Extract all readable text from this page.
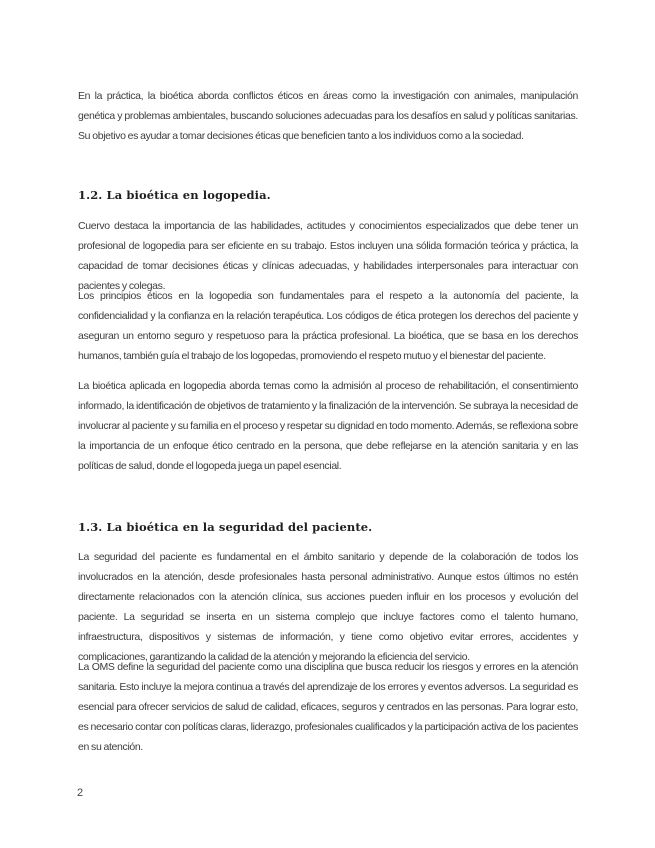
En la práctica, la bioética aborda conflictos éticos en áreas como la investigación con animales, manipulación genética y problemas ambientales, buscando soluciones adecuadas para los desafíos en salud y políticas sanitarias. Su objetivo es ayudar a tomar decisiones éticas que beneficien tanto a los individuos como a la sociedad.

1.2. La bioética en logopedia.

Cuervo destaca la importancia de las habilidades, actitudes y conocimientos especializados que debe tener un profesional de logopedia para ser eficiente en su trabajo. Estos incluyen una sólida formación teórica y práctica, la capacidad de tomar decisiones éticas y clínicas adecuadas, y habilidades interpersonales para interactuar con pacientes y colegas.

Los principios éticos en la logopedia son fundamentales para el respeto a la autonomía del paciente, la confidencialidad y la confianza en la relación terapéutica. Los códigos de ética protegen los derechos del paciente y aseguran un entorno seguro y respetuoso para la práctica profesional. La bioética, que se basa en los derechos humanos, también guía el trabajo de los logopedas, promoviendo el respeto mutuo y el bienestar del paciente.

La bioética aplicada en logopedia aborda temas como la admisión al proceso de rehabilitación, el consentimiento informado, la identificación de objetivos de tratamiento y la finalización de la intervención. Se subraya la necesidad de involucrar al paciente y su familia en el proceso y respetar su dignidad en todo momento. Además, se reflexiona sobre la importancia de un enfoque ético centrado en la persona, que debe reflejarse en la atención sanitaria y en las políticas de salud, donde el logopeda juega un papel esencial.

1.3. La bioética en la seguridad del paciente.

La seguridad del paciente es fundamental en el ámbito sanitario y depende de la colaboración de todos los involucrados en la atención, desde profesionales hasta personal administrativo. Aunque estos últimos no estén directamente relacionados con la atención clínica, sus acciones pueden influir en los procesos y evolución del paciente. La seguridad se inserta en un sistema complejo que incluye factores como el talento humano, infraestructura, dispositivos y sistemas de información, y tiene como objetivo evitar errores, accidentes y complicaciones, garantizando la calidad de la atención y mejorando la eficiencia del servicio.

La OMS define la seguridad del paciente como una disciplina que busca reducir los riesgos y errores en la atención sanitaria. Esto incluye la mejora continua a través del aprendizaje de los errores y eventos adversos. La seguridad es esencial para ofrecer servicios de salud de calidad, eficaces, seguros y centrados en las personas. Para lograr esto, es necesario contar con políticas claras, liderazgo, profesionales cualificados y la participación activa de los pacientes en su atención.

2
